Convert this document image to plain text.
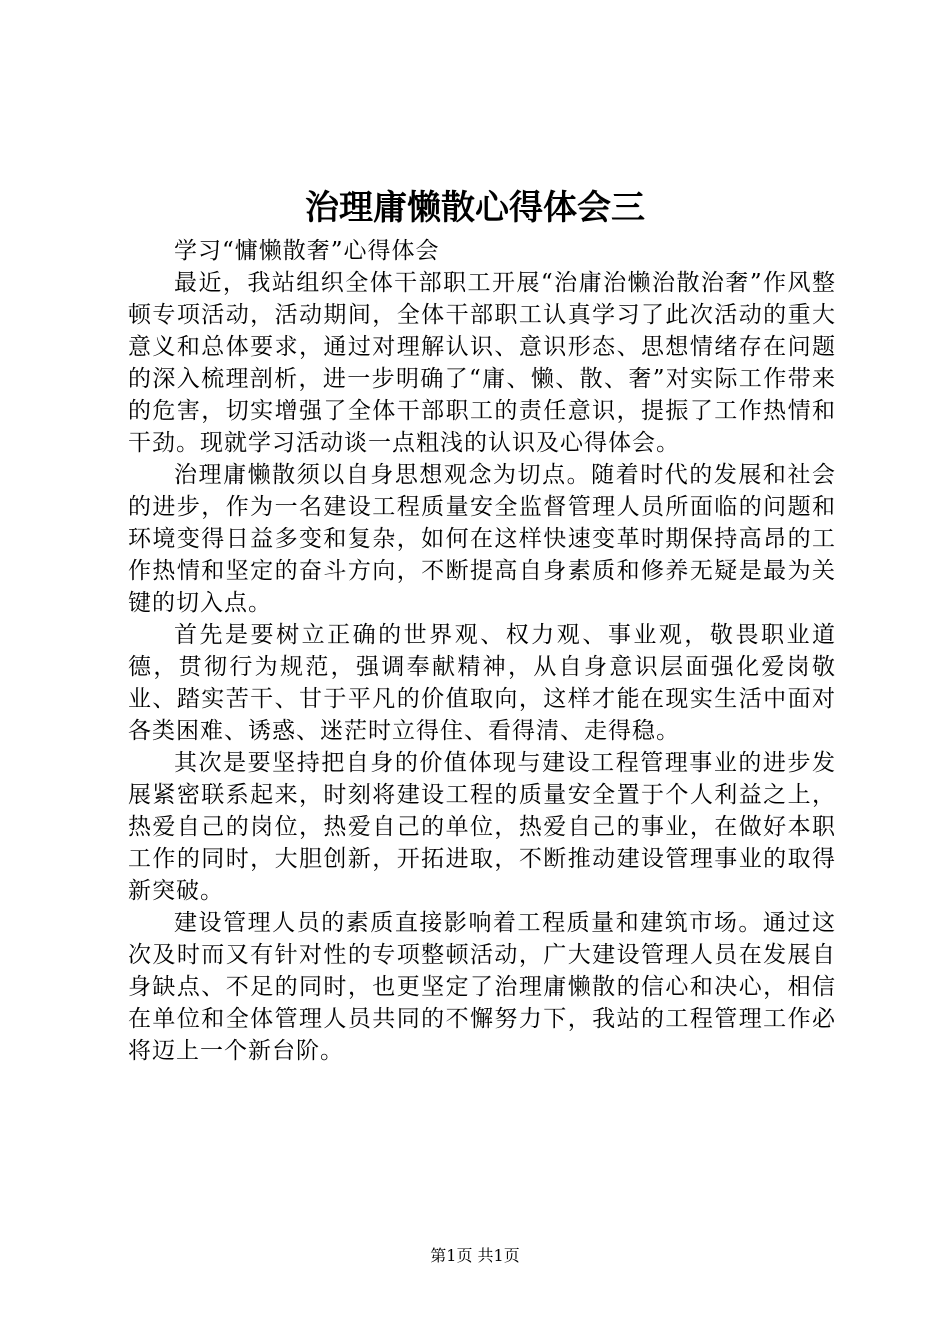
治理庸懒散心得体会三

学习“慵懒散奢”心得体会

最近，我站组织全体干部职工开展“治庸治懒治散治奢”作风整顿专项活动，活动期间，全体干部职工认真学习了此次活动的重大意义和总体要求，通过对理解认识、意识形态、思想情绪存在问题的深入梳理剖析，进一步明确了“庸、懒、散、奢”对实际工作带来的危害，切实增强了全体干部职工的责任意识，提振了工作热情和干劲。现就学习活动谈一点粗浅的认识及心得体会。

治理庸懒散须以自身思想观念为切点。随着时代的发展和社会的进步，作为一名建设工程质量安全监督管理人员所面临的问题和环境变得日益多变和复杂，如何在这样快速变革时期保持高昂的工作热情和坚定的奋斗方向，不断提高自身素质和修养无疑是最为关键的切入点。

首先是要树立正确的世界观、权力观、事业观，敬畏职业道德，贯彻行为规范，强调奉献精神，从自身意识层面强化爱岗敬业、踏实苦干、甘于平凡的价值取向，这样才能在现实生活中面对各类困难、诱惑、迷茫时立得住、看得清、走得稳。

其次是要坚持把自身的价值体现与建设工程管理事业的进步发展紧密联系起来，时刻将建设工程的质量安全置于个人利益之上，热爱自己的岗位，热爱自己的单位，热爱自己的事业，在做好本职工作的同时，大胆创新，开拓进取，不断推动建设管理事业的取得新突破。

建设管理人员的素质直接影响着工程质量和建筑市场。通过这次及时而又有针对性的专项整顿活动，广大建设管理人员在发展自身缺点、不足的同时，也更坚定了治理庸懒散的信心和决心，相信在单位和全体管理人员共同的不懈努力下，我站的工程管理工作必将迈上一个新台阶。

第1页 共1页
